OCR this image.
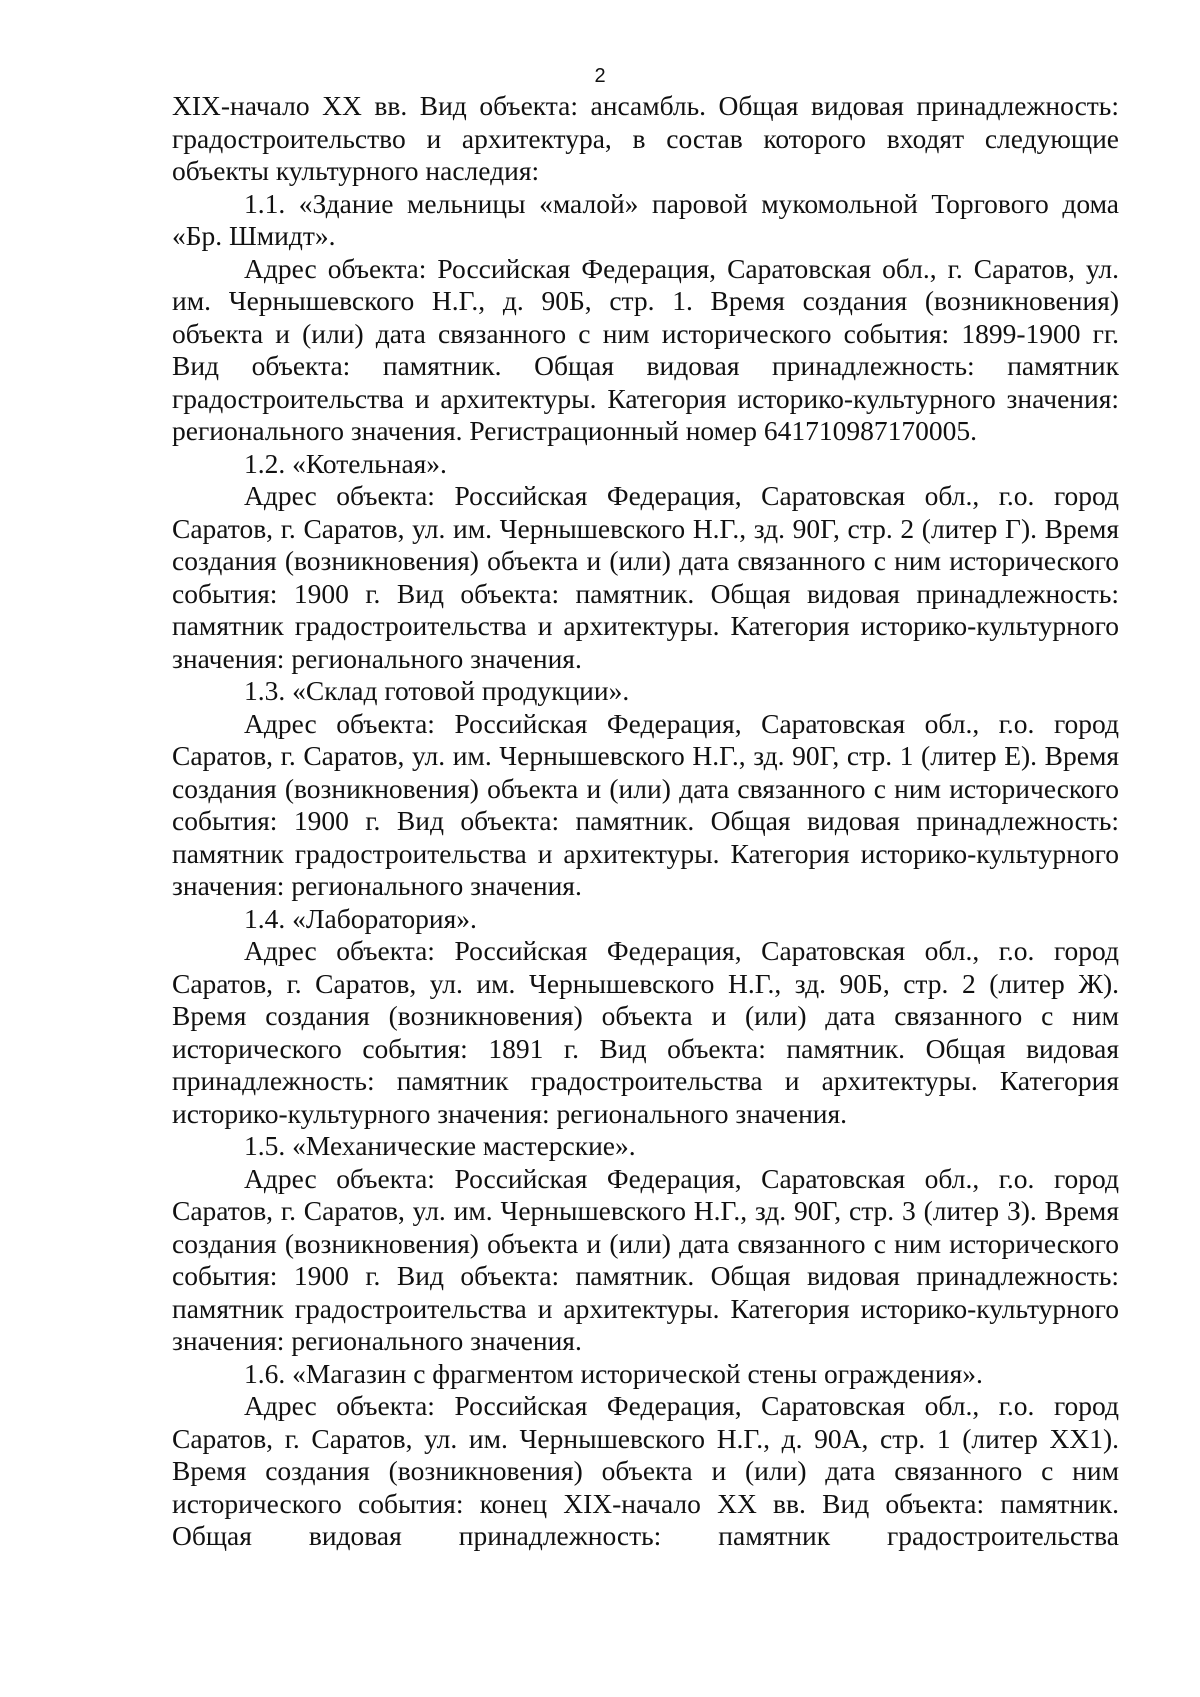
2

XIX-начало XX вв. Вид объекта: ансамбль. Общая видовая принадлежность: градостроительство и архитектура, в состав которого входят следующие объекты культурного наследия:

1.1. «Здание мельницы «малой» паровой мукомольной Торгового дома «Бр. Шмидт».

Адрес объекта: Российская Федерация, Саратовская обл., г. Саратов, ул. им. Чернышевского Н.Г., д. 90Б, стр. 1. Время создания (возникновения) объекта и (или) дата связанного с ним исторического события: 1899-1900 гг. Вид объекта: памятник. Общая видовая принадлежность: памятник градостроительства и архитектуры. Категория историко-культурного значения: регионального значения. Регистрационный номер 641710987170005.

1.2. «Котельная».

Адрес объекта: Российская Федерация, Саратовская обл., г.о. город Саратов, г. Саратов, ул. им. Чернышевского Н.Г., зд. 90Г, стр. 2 (литер Г). Время создания (возникновения) объекта и (или) дата связанного с ним исторического события: 1900 г. Вид объекта: памятник. Общая видовая принадлежность: памятник градостроительства и архитектуры. Категория историко-культурного значения: регионального значения.

1.3. «Склад готовой продукции».

Адрес объекта: Российская Федерация, Саратовская обл., г.о. город Саратов, г. Саратов, ул. им. Чернышевского Н.Г., зд. 90Г, стр. 1 (литер Е). Время создания (возникновения) объекта и (или) дата связанного с ним исторического события: 1900 г. Вид объекта: памятник. Общая видовая принадлежность: памятник градостроительства и архитектуры. Категория историко-культурного значения: регионального значения.

1.4. «Лаборатория».

Адрес объекта: Российская Федерация, Саратовская обл., г.о. город Саратов, г. Саратов, ул. им. Чернышевского Н.Г., зд. 90Б, стр. 2 (литер Ж). Время создания (возникновения) объекта и (или) дата связанного с ним исторического события: 1891 г. Вид объекта: памятник. Общая видовая принадлежность: памятник градостроительства и архитектуры. Категория историко-культурного значения: регионального значения.

1.5. «Механические мастерские».

Адрес объекта: Российская Федерация, Саратовская обл., г.о. город Саратов, г. Саратов, ул. им. Чернышевского Н.Г., зд. 90Г, стр. 3 (литер З). Время создания (возникновения) объекта и (или) дата связанного с ним исторического события: 1900 г. Вид объекта: памятник. Общая видовая принадлежность: памятник градостроительства и архитектуры. Категория историко-культурного значения: регионального значения.

1.6. «Магазин с фрагментом исторической стены ограждения».

Адрес объекта: Российская Федерация, Саратовская обл., г.о. город Саратов, г. Саратов, ул. им. Чернышевского Н.Г., д. 90А, стр. 1 (литер ХХ1). Время создания (возникновения) объекта и (или) дата связанного с ним исторического события: конец XIX-начало XX вв. Вид объекта: памятник. Общая видовая принадлежность: памятник градостроительства
